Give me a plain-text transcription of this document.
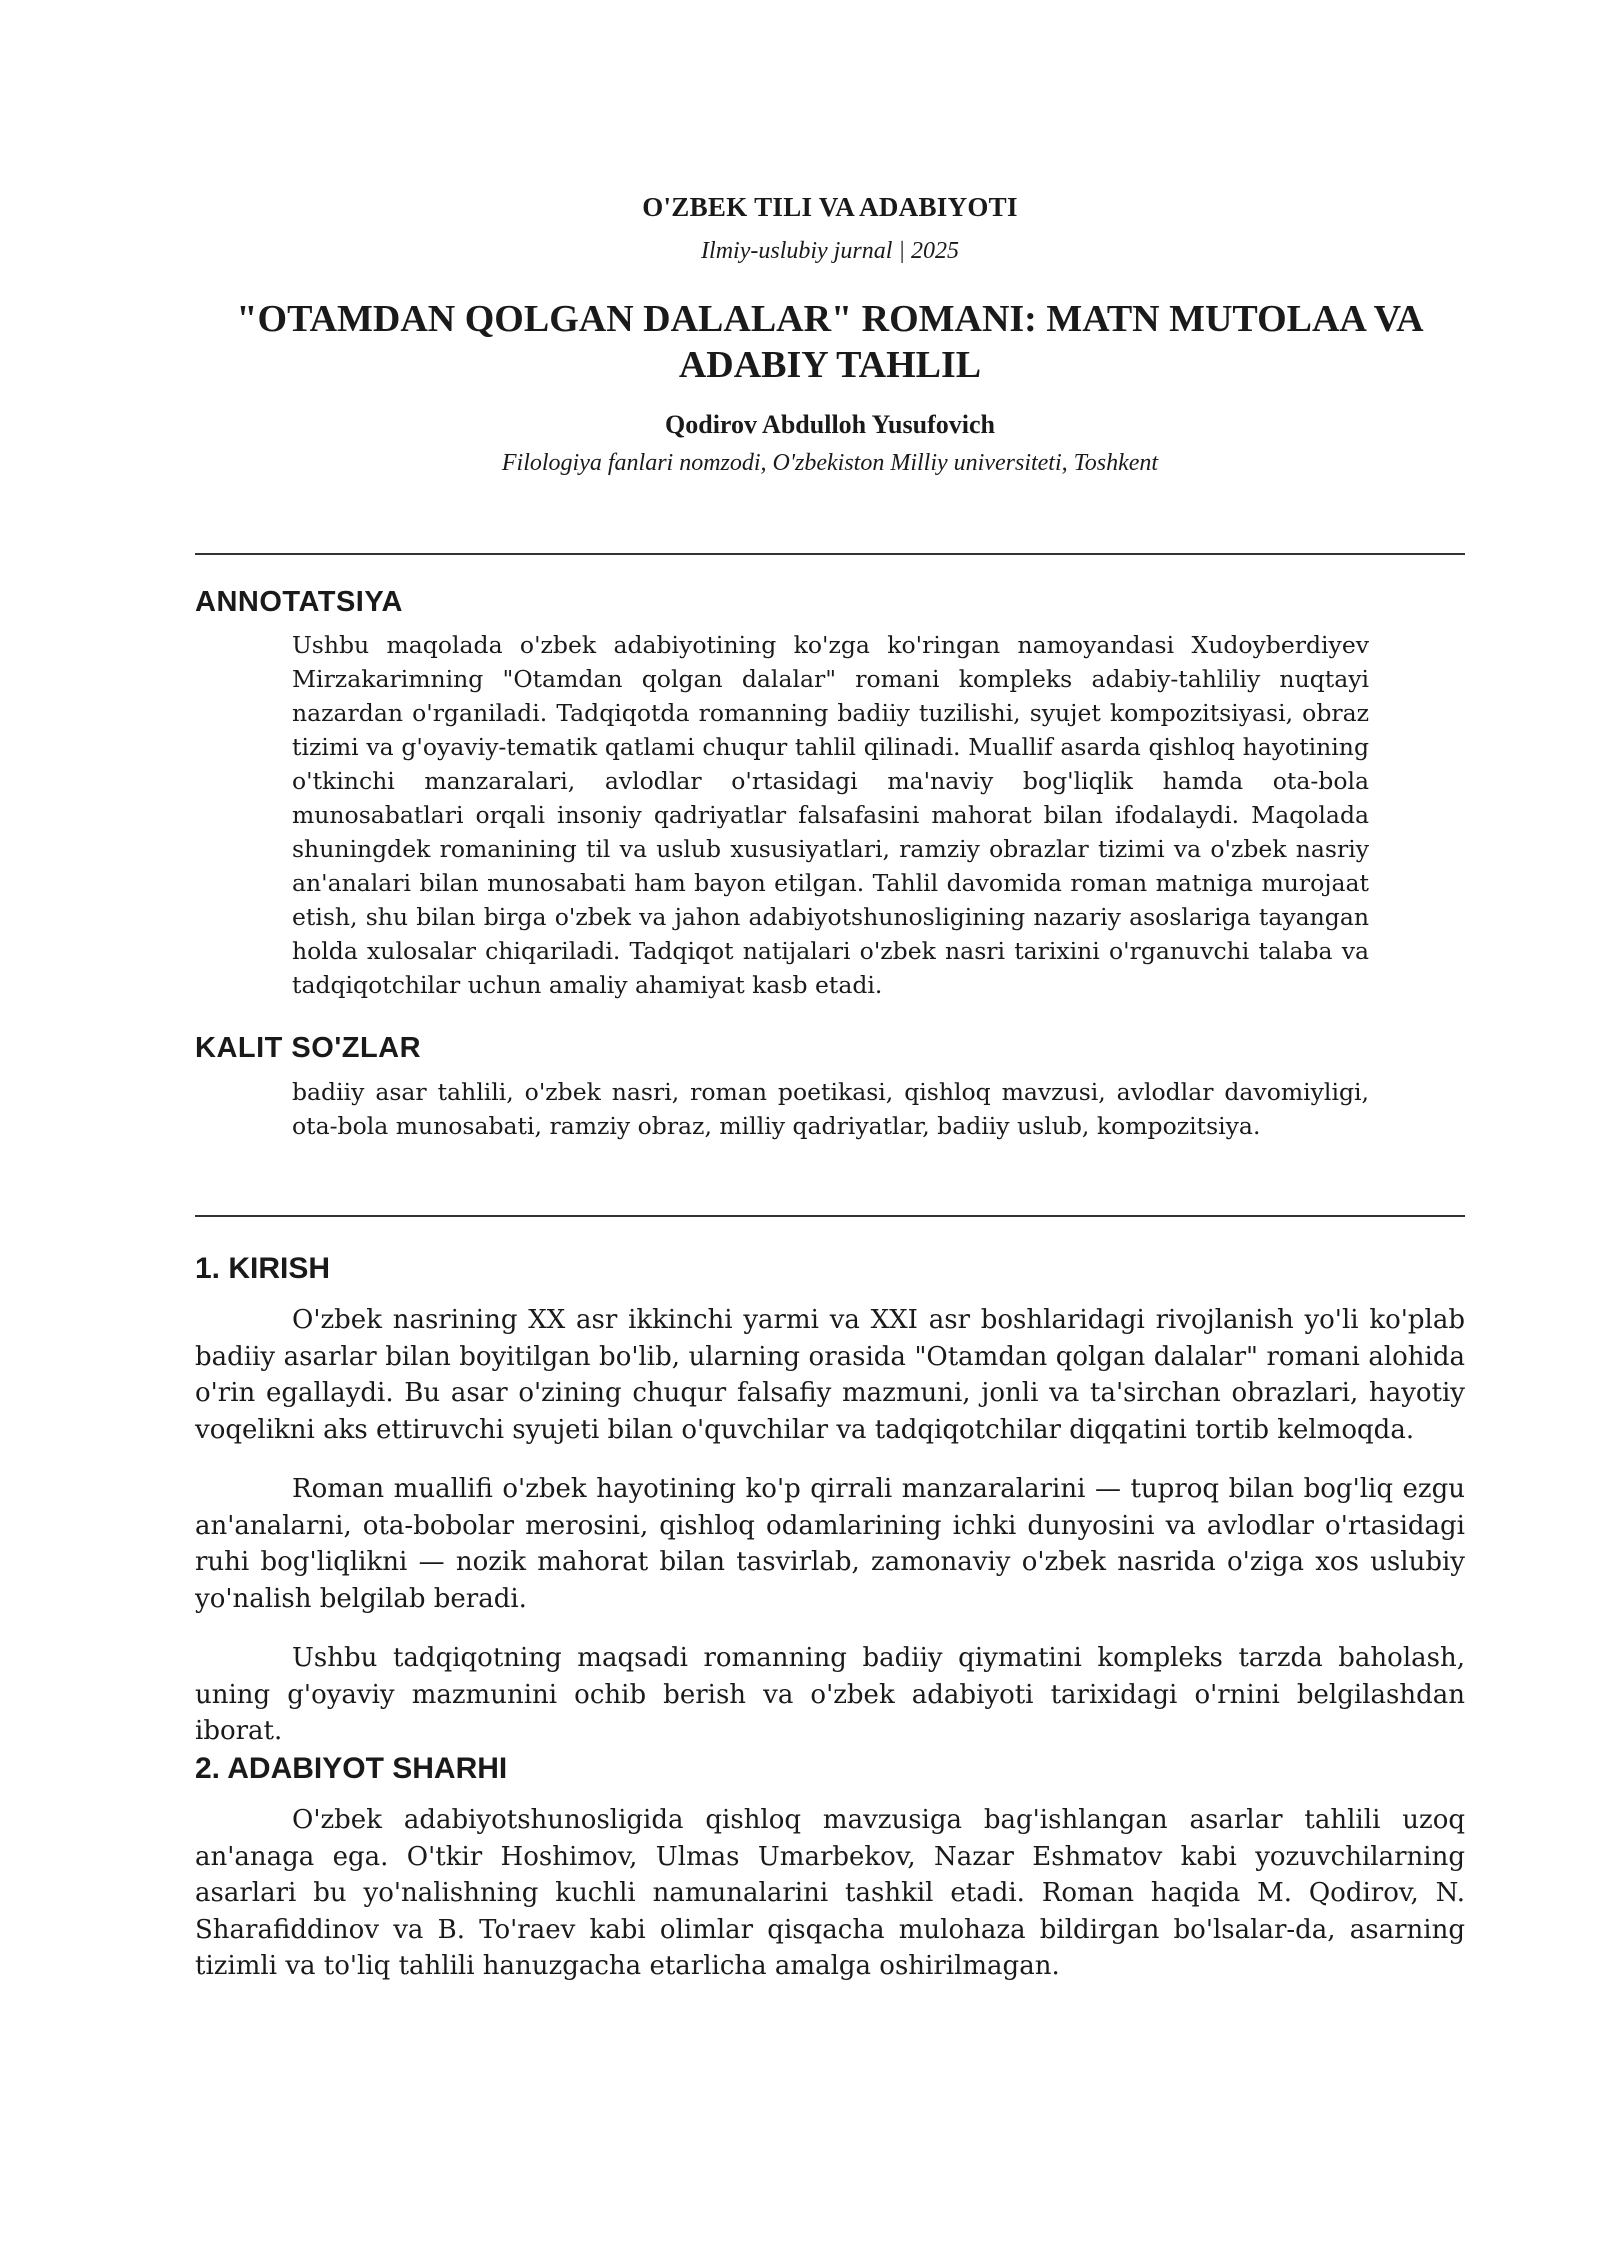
O'ZBEK TILI VA ADABIYOTI
Ilmiy-uslubiy jurnal | 2025
"OTAMDAN QOLGAN DALALAR" ROMANI: MATN MUTOLAA VA ADABIY TAHLIL
Qodirov Abdulloh Yusufovich
Filologiya fanlari nomzodi, O'zbekiston Milliy universiteti, Toshkent
ANNOTATSIYA
Ushbu maqolada o'zbek adabiyotining ko'zga ko'ringan namoyandasi Xudoyberdiyev Mirzakarimning "Otamdan qolgan dalalar" romani kompleks adabiy-tahliliy nuqtayi nazardan o'rganiladi. Tadqiqotda romanning badiiy tuzilishi, syujet kompozitsiyasi, obraz tizimi va g'oyaviy-tematik qatlami chuqur tahlil qilinadi. Muallif asarda qishloq hayotining o'tkinchi manzaralari, avlodlar o'rtasidagi ma'naviy bog'liqlik hamda ota-bola munosabatlari orqali insoniy qadriyatlar falsafasini mahorat bilan ifodalaydi. Maqolada shuningdek romanining til va uslub xususiyatlari, ramziy obrazlar tizimi va o'zbek nasriy an'analari bilan munosabati ham bayon etilgan. Tahlil davomida roman matniga murojaat etish, shu bilan birga o'zbek va jahon adabiyotshunosligining nazariy asoslariga tayangan holda xulosalar chiqariladi. Tadqiqot natijalari o'zbek nasri tarixini o'rganuvchi talaba va tadqiqotchilar uchun amaliy ahamiyat kasb etadi.
KALIT SO'ZLAR
badiiy asar tahlili, o'zbek nasri, roman poetikasi, qishloq mavzusi, avlodlar davomiyligi, ota-bola munosabati, ramziy obraz, milliy qadriyatlar, badiiy uslub, kompozitsiya.
1. KIRISH
O'zbek nasrining XX asr ikkinchi yarmi va XXI asr boshlaridagi rivojlanish yo'li ko'plab badiiy asarlar bilan boyitilgan bo'lib, ularning orasida "Otamdan qolgan dalalar" romani alohida o'rin egallaydi. Bu asar o'zining chuqur falsafiy mazmuni, jonli va ta'sirchan obrazlari, hayotiy voqelikni aks ettiruvchi syujeti bilan o'quvchilar va tadqiqotchilar diqqatini tortib kelmoqda.
Roman muallifi o'zbek hayotining ko'p qirrali manzaralarini — tuproq bilan bog'liq ezgu an'analarni, ota-bobolar merosini, qishloq odamlarining ichki dunyosini va avlodlar o'rtasidagi ruhi bog'liqlikni — nozik mahorat bilan tasvirlab, zamonaviy o'zbek nasrida o'ziga xos uslubiy yo'nalish belgilab beradi.
Ushbu tadqiqotning maqsadi romanning badiiy qiymatini kompleks tarzda baholash, uning g'oyaviy mazmunini ochib berish va o'zbek adabiyoti tarixidagi o'rnini belgilashdan iborat.
2. ADABIYOT SHARHI
O'zbek adabiyotshunosligida qishloq mavzusiga bag'ishlangan asarlar tahlili uzoq an'anaga ega. O'tkir Hoshimov, Ulmas Umarbekov, Nazar Eshmatov kabi yozuvchilarning asarlari bu yo'nalishning kuchli namunalarini tashkil etadi. Roman haqida M. Qodirov, N. Sharafiddinov va B. To'raev kabi olimlar qisqacha mulohaza bildirgan bo'lsalar-da, asarning tizimli va to'liq tahlili hanuzgacha etarlicha amalga oshirilmagan.
